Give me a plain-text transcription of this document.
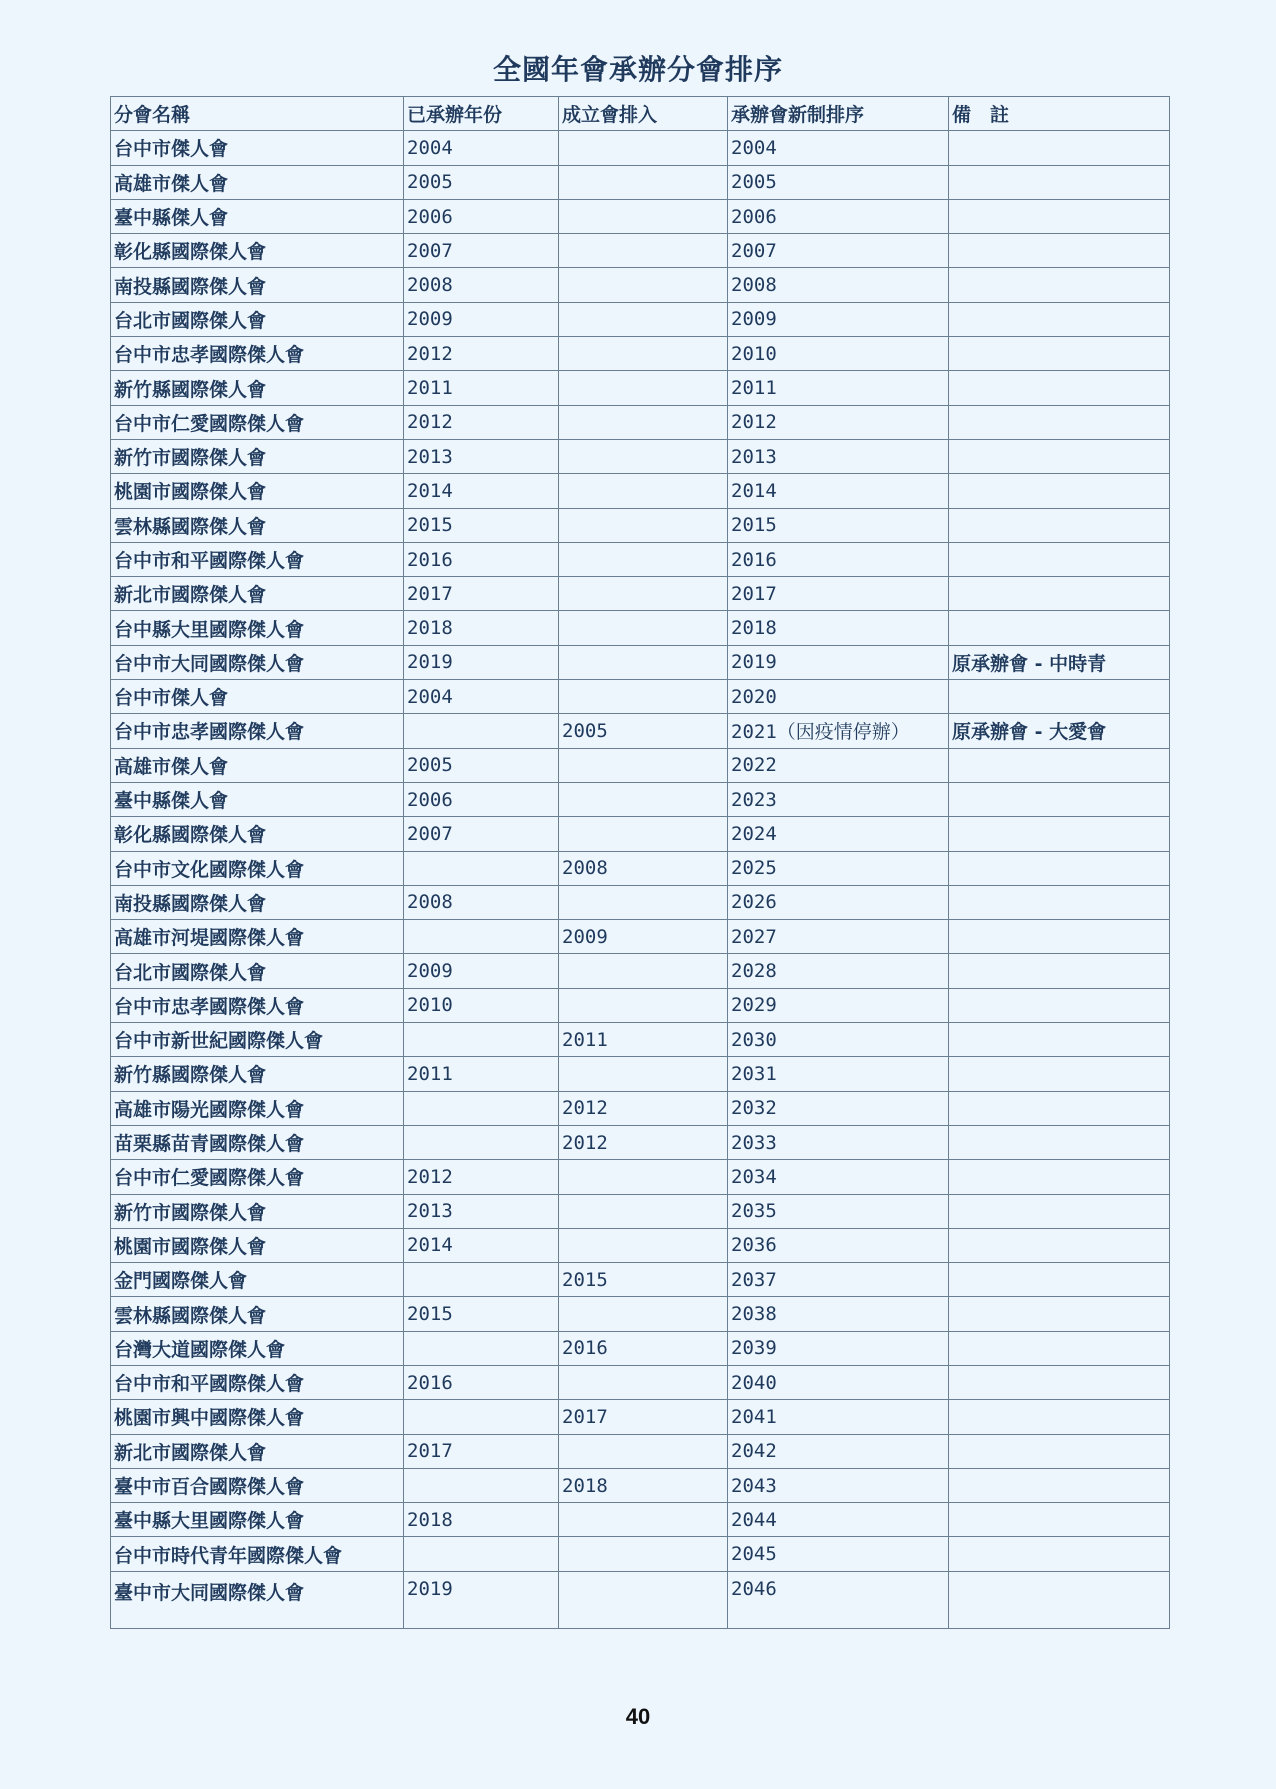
全國年會承辦分會排序
分會名稱	已承辦年份	成立會排入	承辦會新制排序	備　註
台中市傑人會	2004		2004	
高雄市傑人會	2005		2005	
臺中縣傑人會	2006		2006	
彰化縣國際傑人會	2007		2007	
南投縣國際傑人會	2008		2008	
台北市國際傑人會	2009		2009	
台中市忠孝國際傑人會	2012		2010	
新竹縣國際傑人會	2011		2011	
台中市仁愛國際傑人會	2012		2012	
新竹市國際傑人會	2013		2013	
桃園市國際傑人會	2014		2014	
雲林縣國際傑人會	2015		2015	
台中市和平國際傑人會	2016		2016	
新北市國際傑人會	2017		2017	
台中縣大里國際傑人會	2018		2018	
台中市大同國際傑人會	2019		2019	原承辦會 - 中時青
台中市傑人會	2004		2020	
台中市忠孝國際傑人會		2005	2021（因疫情停辦）	原承辦會 - 大愛會
高雄市傑人會	2005		2022	
臺中縣傑人會	2006		2023	
彰化縣國際傑人會	2007		2024	
台中市文化國際傑人會		2008	2025	
南投縣國際傑人會	2008		2026	
高雄市河堤國際傑人會		2009	2027	
台北市國際傑人會	2009		2028	
台中市忠孝國際傑人會	2010		2029	
台中市新世紀國際傑人會		2011	2030	
新竹縣國際傑人會	2011		2031	
高雄市陽光國際傑人會		2012	2032	
苗栗縣苗青國際傑人會		2012	2033	
台中市仁愛國際傑人會	2012		2034	
新竹市國際傑人會	2013		2035	
桃園市國際傑人會	2014		2036	
金門國際傑人會		2015	2037	
雲林縣國際傑人會	2015		2038	
台灣大道國際傑人會		2016	2039	
台中市和平國際傑人會	2016		2040	
桃園市興中國際傑人會		2017	2041	
新北市國際傑人會	2017		2042	
臺中市百合國際傑人會		2018	2043	
臺中縣大里國際傑人會	2018		2044	
台中市時代青年國際傑人會			2045	
臺中市大同國際傑人會	2019		2046	
40
